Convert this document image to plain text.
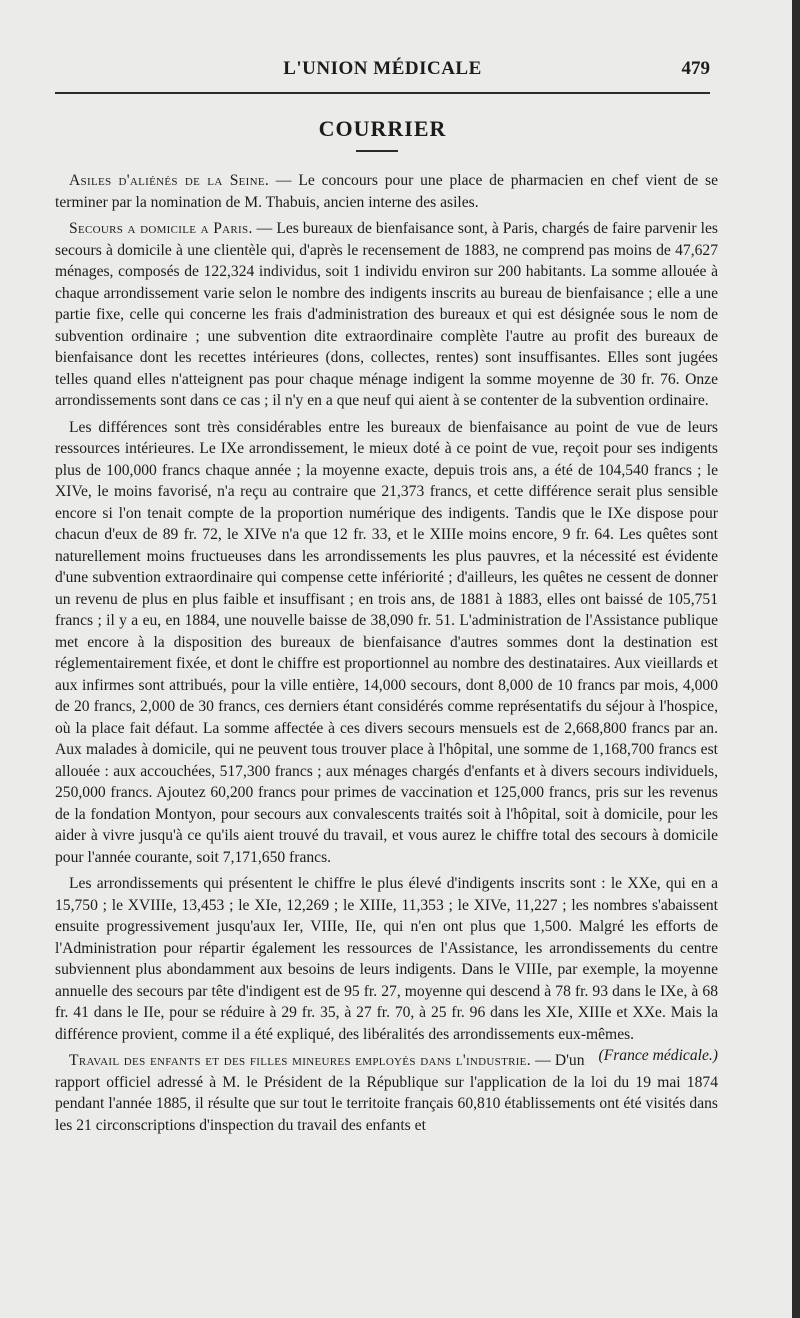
L'UNION MÉDICALE	479
COURRIER

Asiles d'aliénés de la Seine. — Le concours pour une place de pharmacien en chef vient de se terminer par la nomination de M. Thabuis, ancien interne des asiles.

Secours a domicile a Paris. — Les bureaux de bienfaisance sont, à Paris, chargés de faire parvenir les secours à domicile à une clientèle qui, d'après le recensement de 1883, ne comprend pas moins de 47,627 ménages, composés de 122,324 individus, soit 1 individu environ sur 200 habitants. La somme allouée à chaque arrondissement varie selon le nombre des indigents inscrits au bureau de bienfaisance ; elle a une partie fixe, celle qui concerne les frais d'administration des bureaux et qui est désignée sous le nom de subvention ordinaire ; une subvention dite extraordinaire complète l'autre au profit des bureaux de bienfaisance dont les recettes intérieures (dons, collectes, rentes) sont insuffisantes. Elles sont jugées telles quand elles n'atteignent pas pour chaque ménage indigent la somme moyenne de 30 fr. 76. Onze arrondissements sont dans ce cas ; il n'y en a que neuf qui aient à se contenter de la subvention ordinaire.

Les différences sont très considérables entre les bureaux de bienfaisance au point de vue de leurs ressources intérieures. Le IXe arrondissement, le mieux doté à ce point de vue, reçoit pour ses indigents plus de 100,000 francs chaque année ; la moyenne exacte, depuis trois ans, a été de 104,540 francs ; le XIVe, le moins favorisé, n'a reçu au contraire que 21,373 francs, et cette différence serait plus sensible encore si l'on tenait compte de la proportion numérique des indigents. Tandis que le IXe dispose pour chacun d'eux de 89 fr. 72, le XIVe n'a que 12 fr. 33, et le XIIIe moins encore, 9 fr. 64. Les quêtes sont naturellement moins fructueuses dans les arrondissements les plus pauvres, et la nécessité est évidente d'une subvention extraordinaire qui compense cette infériorité ; d'ailleurs, les quêtes ne cessent de donner un revenu de plus en plus faible et insuffisant ; en trois ans, de 1881 à 1883, elles ont baissé de 105,751 francs ; il y a eu, en 1884, une nouvelle baisse de 38,090 fr. 51. L'administration de l'Assistance publique met encore à la disposition des bureaux de bienfaisance d'autres sommes dont la destination est réglementairement fixée, et dont le chiffre est proportionnel au nombre des destinataires. Aux vieillards et aux infirmes sont attribués, pour la ville entière, 14,000 secours, dont 8,000 de 10 francs par mois, 4,000 de 20 francs, 2,000 de 30 francs, ces derniers étant considérés comme représentatifs du séjour à l'hospice, où la place fait défaut. La somme affectée à ces divers secours mensuels est de 2,668,800 francs par an. Aux malades à domicile, qui ne peuvent tous trouver place à l'hôpital, une somme de 1,168,700 francs est allouée : aux accouchées, 517,300 francs ; aux ménages chargés d'enfants et à divers secours individuels, 250,000 francs. Ajoutez 60,200 francs pour primes de vaccination et 125,000 francs, pris sur les revenus de la fondation Montyon, pour secours aux convalescents traités soit à l'hôpital, soit à domicile, pour les aider à vivre jusqu'à ce qu'ils aient trouvé du travail, et vous aurez le chiffre total des secours à domicile pour l'année courante, soit 7,171,650 francs.

Les arrondissements qui présentent le chiffre le plus élevé d'indigents inscrits sont : le XXe, qui en a 15,750 ; le XVIIIe, 13,453 ; le XIe, 12,269 ; le XIIIe, 11,353 ; le XIVe, 11,227 ; les nombres s'abaissent ensuite progressivement jusqu'aux Ier, VIIIe, IIe, qui n'en ont plus que 1,500. Malgré les efforts de l'Administration pour répartir également les ressources de l'Assistance, les arrondissements du centre subviennent plus abondamment aux besoins de leurs indigents. Dans le VIIIe, par exemple, la moyenne annuelle des secours par tête d'indigent est de 95 fr. 27, moyenne qui descend à 78 fr. 93 dans le IXe, à 68 fr. 41 dans le IIe, pour se réduire à 29 fr. 35, à 27 fr. 70, à 25 fr. 96 dans les XIe, XIIIe et XXe. Mais la différence provient, comme il a été expliqué, des libéralités des arrondissements eux-mêmes.
(France médicale.)

Travail des enfants et des filles mineures employés dans l'industrie. — D'un rapport officiel adressé à M. le Président de la République sur l'application de la loi du 19 mai 1874 pendant l'année 1885, il résulte que sur tout le territoite français 60,810 établissements ont été visités dans les 21 circonscriptions d'inspection du travail des enfants et
